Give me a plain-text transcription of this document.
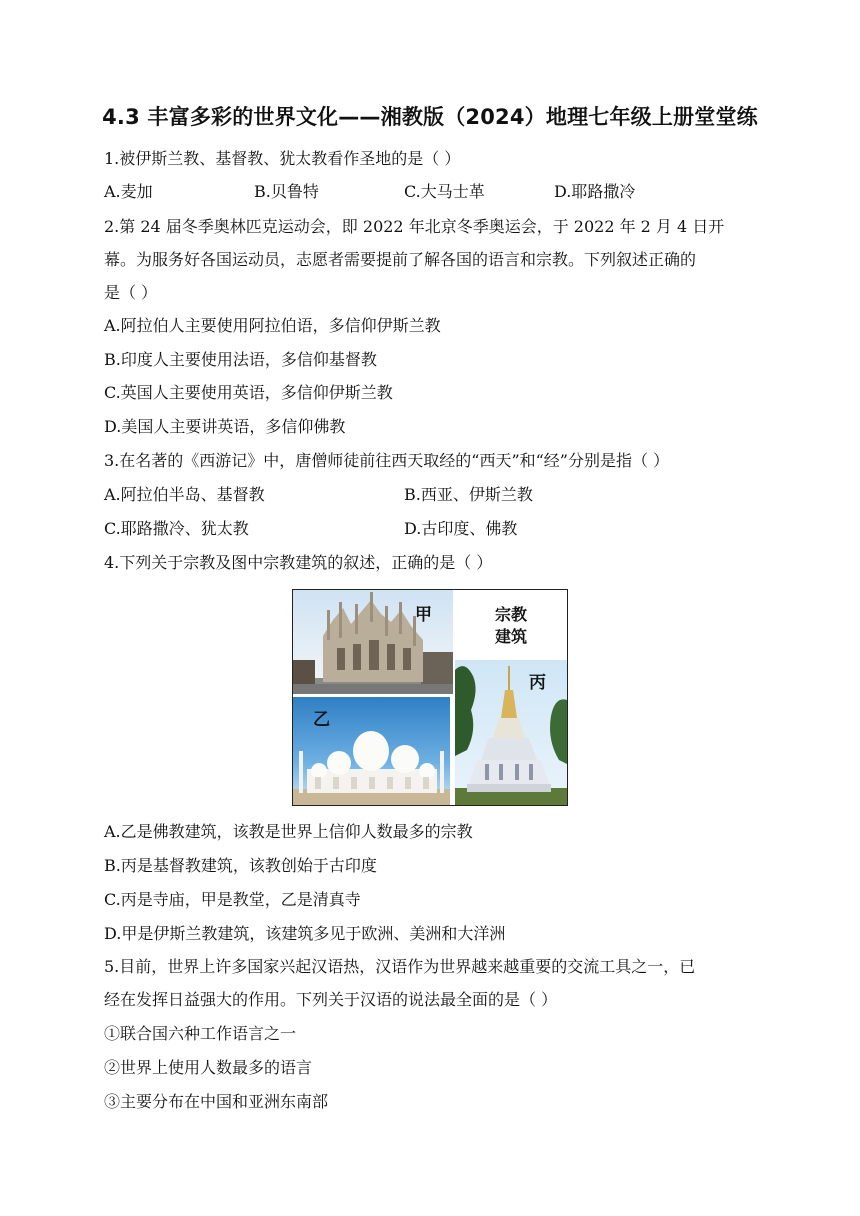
4.3 丰富多彩的世界文化——湘教版（2024）地理七年级上册堂堂练
1.被伊斯兰教、基督教、犹太教看作圣地的是（ ）
A.麦加	B.贝鲁特	C.大马士革	D.耶路撒冷
2.第 24 届冬季奥林匹克运动会，即 2022 年北京冬季奥运会，于 2022 年 2 月 4 日开
幕。为服务好各国运动员，志愿者需要提前了解各国的语言和宗教。下列叙述正确的
是（ ）
A.阿拉伯人主要使用阿拉伯语，多信仰伊斯兰教
B.印度人主要使用法语，多信仰基督教
C.英国人主要使用英语，多信仰伊斯兰教
D.美国人主要讲英语，多信仰佛教
3.在名著的《西游记》中，唐僧师徒前往西天取经的“西天”和“经”分别是指（ ）
A.阿拉伯半岛、基督教	B.西亚、伊斯兰教
C.耶路撒冷、犹太教	D.古印度、佛教
4.下列关于宗教及图中宗教建筑的叙述，正确的是（ ）
甲	宗教
建筑
乙
丙
A.乙是佛教建筑，该教是世界上信仰人数最多的宗教
B.丙是基督教建筑，该教创始于古印度
C.丙是寺庙，甲是教堂，乙是清真寺
D.甲是伊斯兰教建筑，该建筑多见于欧洲、美洲和大洋洲
5.目前，世界上许多国家兴起汉语热，汉语作为世界越来越重要的交流工具之一，已
经在发挥日益强大的作用。下列关于汉语的说法最全面的是（ ）
①联合国六种工作语言之一
②世界上使用人数最多的语言
③主要分布在中国和亚洲东南部
